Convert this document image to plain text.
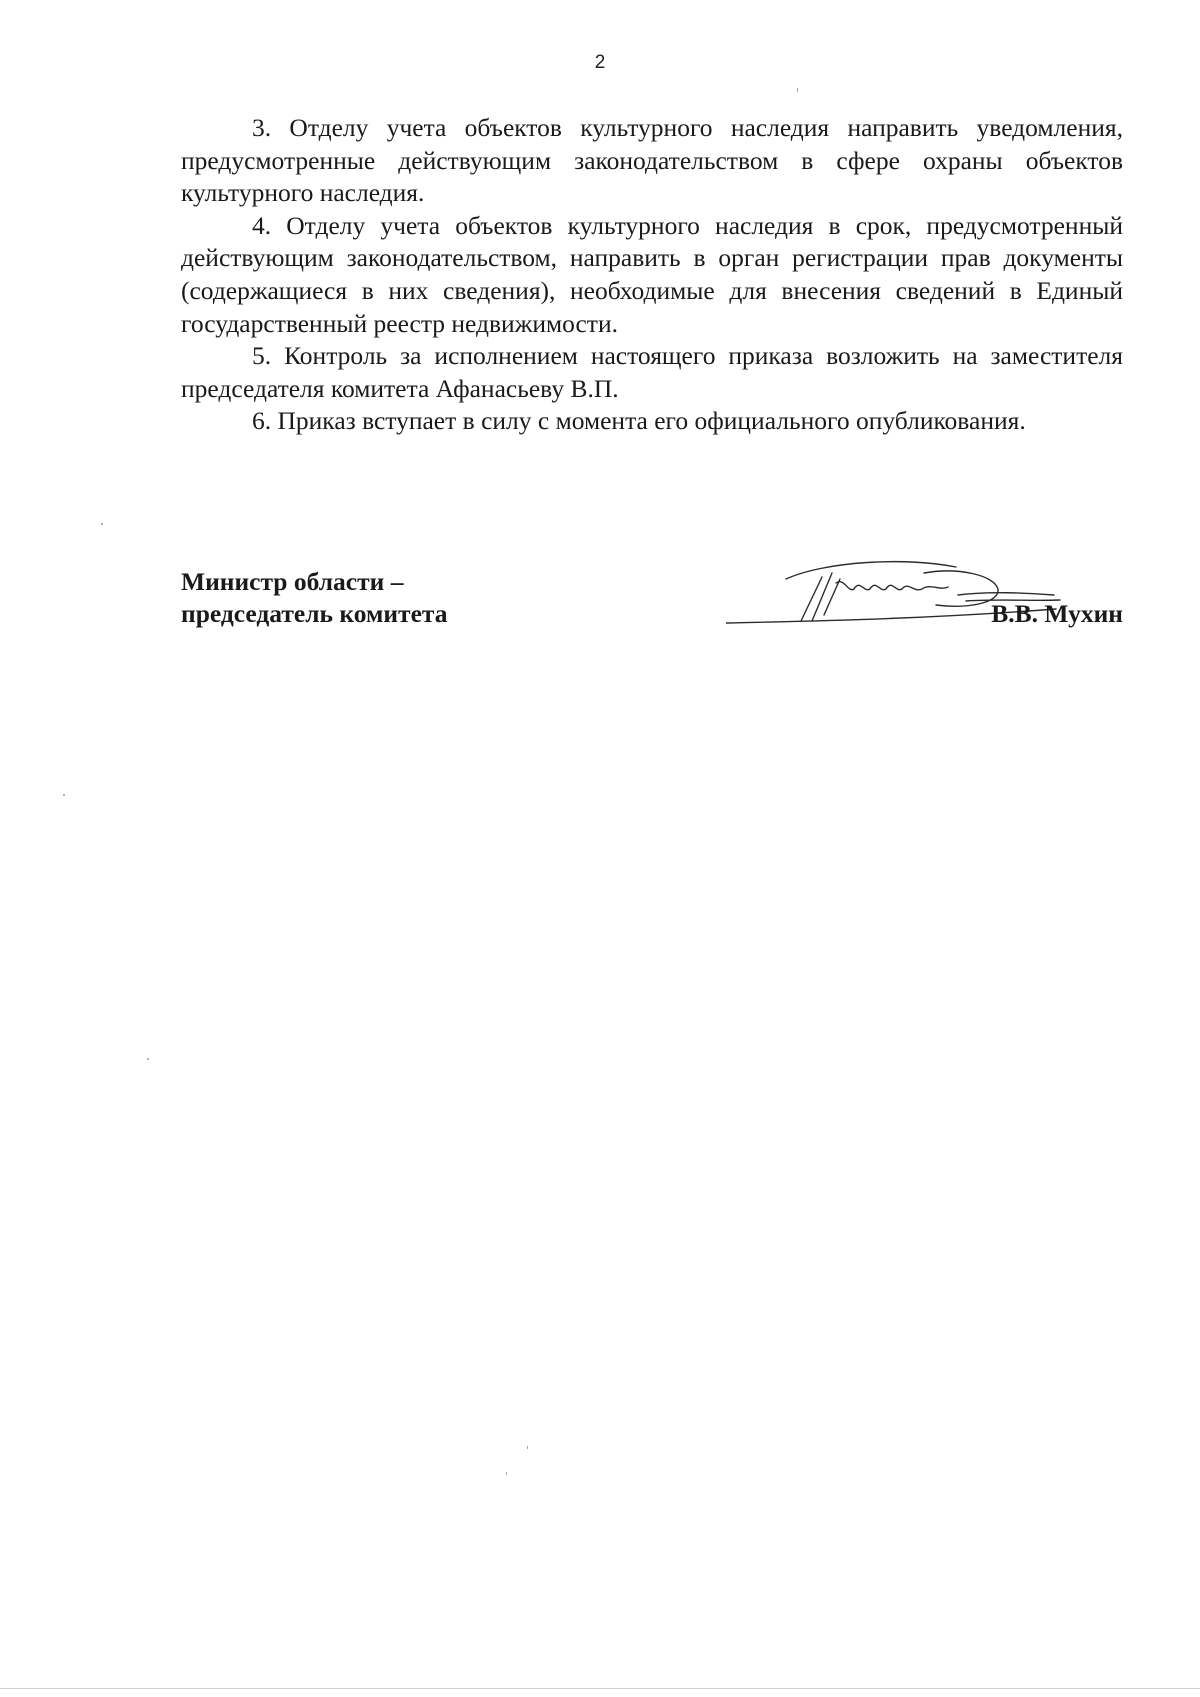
2

3. Отделу учета объектов культурного наследия направить уведомления, предусмотренные действующим законодательством в сфере охраны объектов культурного наследия.

4. Отделу учета объектов культурного наследия в срок, предусмотренный действующим законодательством, направить в орган регистрации прав документы (содержащиеся в них сведения), необходимые для внесения сведений в Единый государственный реестр недвижимости.

5. Контроль за исполнением настоящего приказа возложить на заместителя председателя комитета Афанасьеву В.П.

6. Приказ вступает в силу с момента его официального опубликования.

Министр области –
председатель комитета	В.В. Мухин
